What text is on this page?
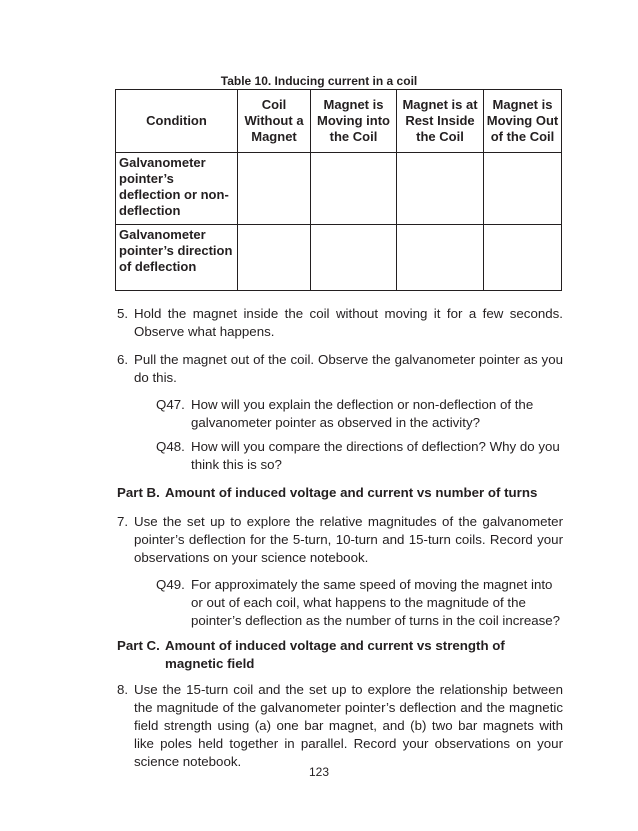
Table 10. Inducing current in a coil
Condition	Coil Without a Magnet	Magnet is Moving into the Coil	Magnet is at Rest Inside the Coil	Magnet is Moving Out of the Coil
Galvanometer pointer’s deflection or non-deflection				
Galvanometer pointer’s direction of deflection				
5. Hold the magnet inside the coil without moving it for a few seconds. Observe what happens.
6. Pull the magnet out of the coil. Observe the galvanometer pointer as you do this.
Q47. How will you explain the deflection or non-deflection of the galvanometer pointer as observed in the activity?
Q48. How will you compare the directions of deflection? Why do you think this is so?
Part B. Amount of induced voltage and current vs number of turns
7. Use the set up to explore the relative magnitudes of the galvanometer pointer’s deflection for the 5-turn, 10-turn and 15-turn coils. Record your observations on your science notebook.
Q49. For approximately the same speed of moving the magnet into or out of each coil, what happens to the magnitude of the pointer’s deflection as the number of turns in the coil increase?
Part C. Amount of induced voltage and current vs strength of magnetic field
8. Use the 15-turn coil and the set up to explore the relationship between the magnitude of the galvanometer pointer’s deflection and the magnetic field strength using (a) one bar magnet, and (b) two bar magnets with like poles held together in parallel. Record your observations on your science notebook.
123
